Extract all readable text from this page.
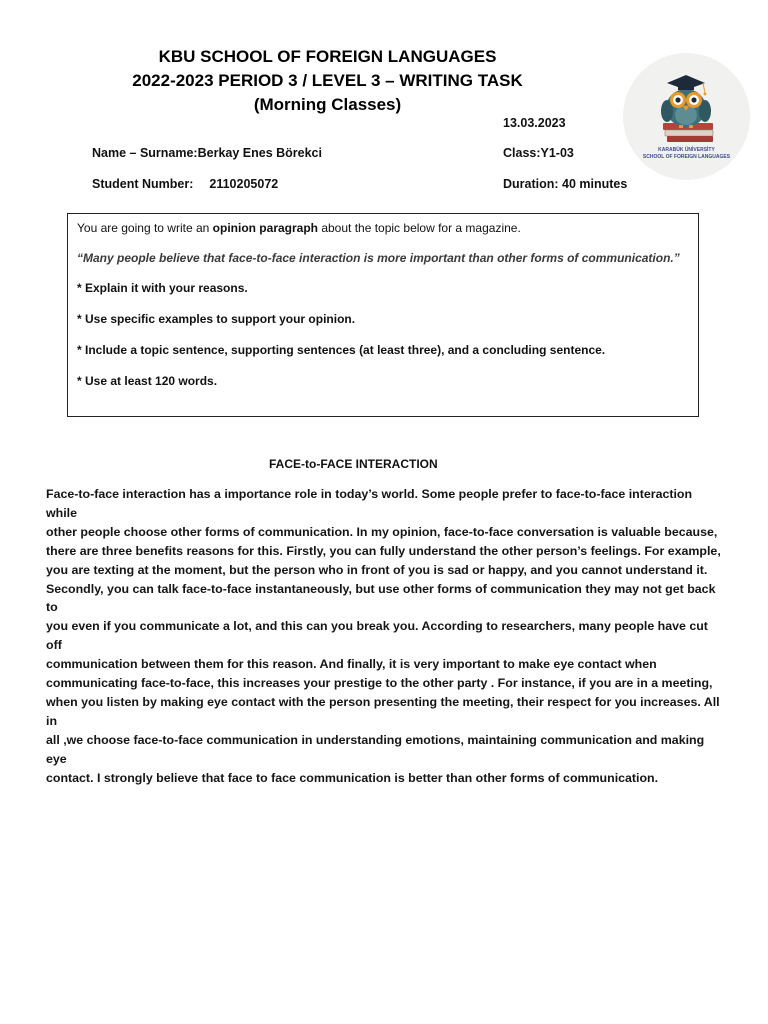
KBU SCHOOL OF FOREIGN LANGUAGES
2022-2023 PERIOD 3 / LEVEL 3 – WRITING TASK
(Morning Classes)
13.03.2023
Name – Surname:Berkay Enes Börekci	Class:Y1-03
Student Number: 2110205072	Duration: 40 minutes
KARABÜK ÜNİVERSİTY
SCHOOL OF FOREIGN LANGUAGES

You are going to write an opinion paragraph about the topic below for a magazine.

“Many people believe that face-to-face interaction is more important than other forms of communication.”

* Explain it with your reasons.

* Use specific examples to support your opinion.

* Include a topic sentence, supporting sentences (at least three), and a concluding sentence.

* Use at least 120 words.

FACE-to-FACE INTERACTION
Face-to-face interaction has a importance role in today’s world. Some people prefer to face-to-face interaction while
other people choose other forms of communication. In my opinion, face-to-face conversation is valuable because,
there are three benefits reasons for this. Firstly, you can fully understand the other person’s feelings. For example,
you are texting at the moment, but the person who in front of you is sad or happy, and you cannot understand it.
Secondly, you can talk face-to-face instantaneously, but use other forms of communication they may not get back to
you even if you communicate a lot, and this can you break you. According to researchers, many people have cut off
communication between them for this reason. And finally, it is very important to make eye contact when
communicating face-to-face, this increases your prestige to the other party . For instance, if you are in a meeting,
when you listen by making eye contact with the person presenting the meeting, their respect for you increases. All in
all ,we choose face-to-face communication in understanding emotions, maintaining communication and making eye
contact. I strongly believe that face to face communication is better than other forms of communication.
